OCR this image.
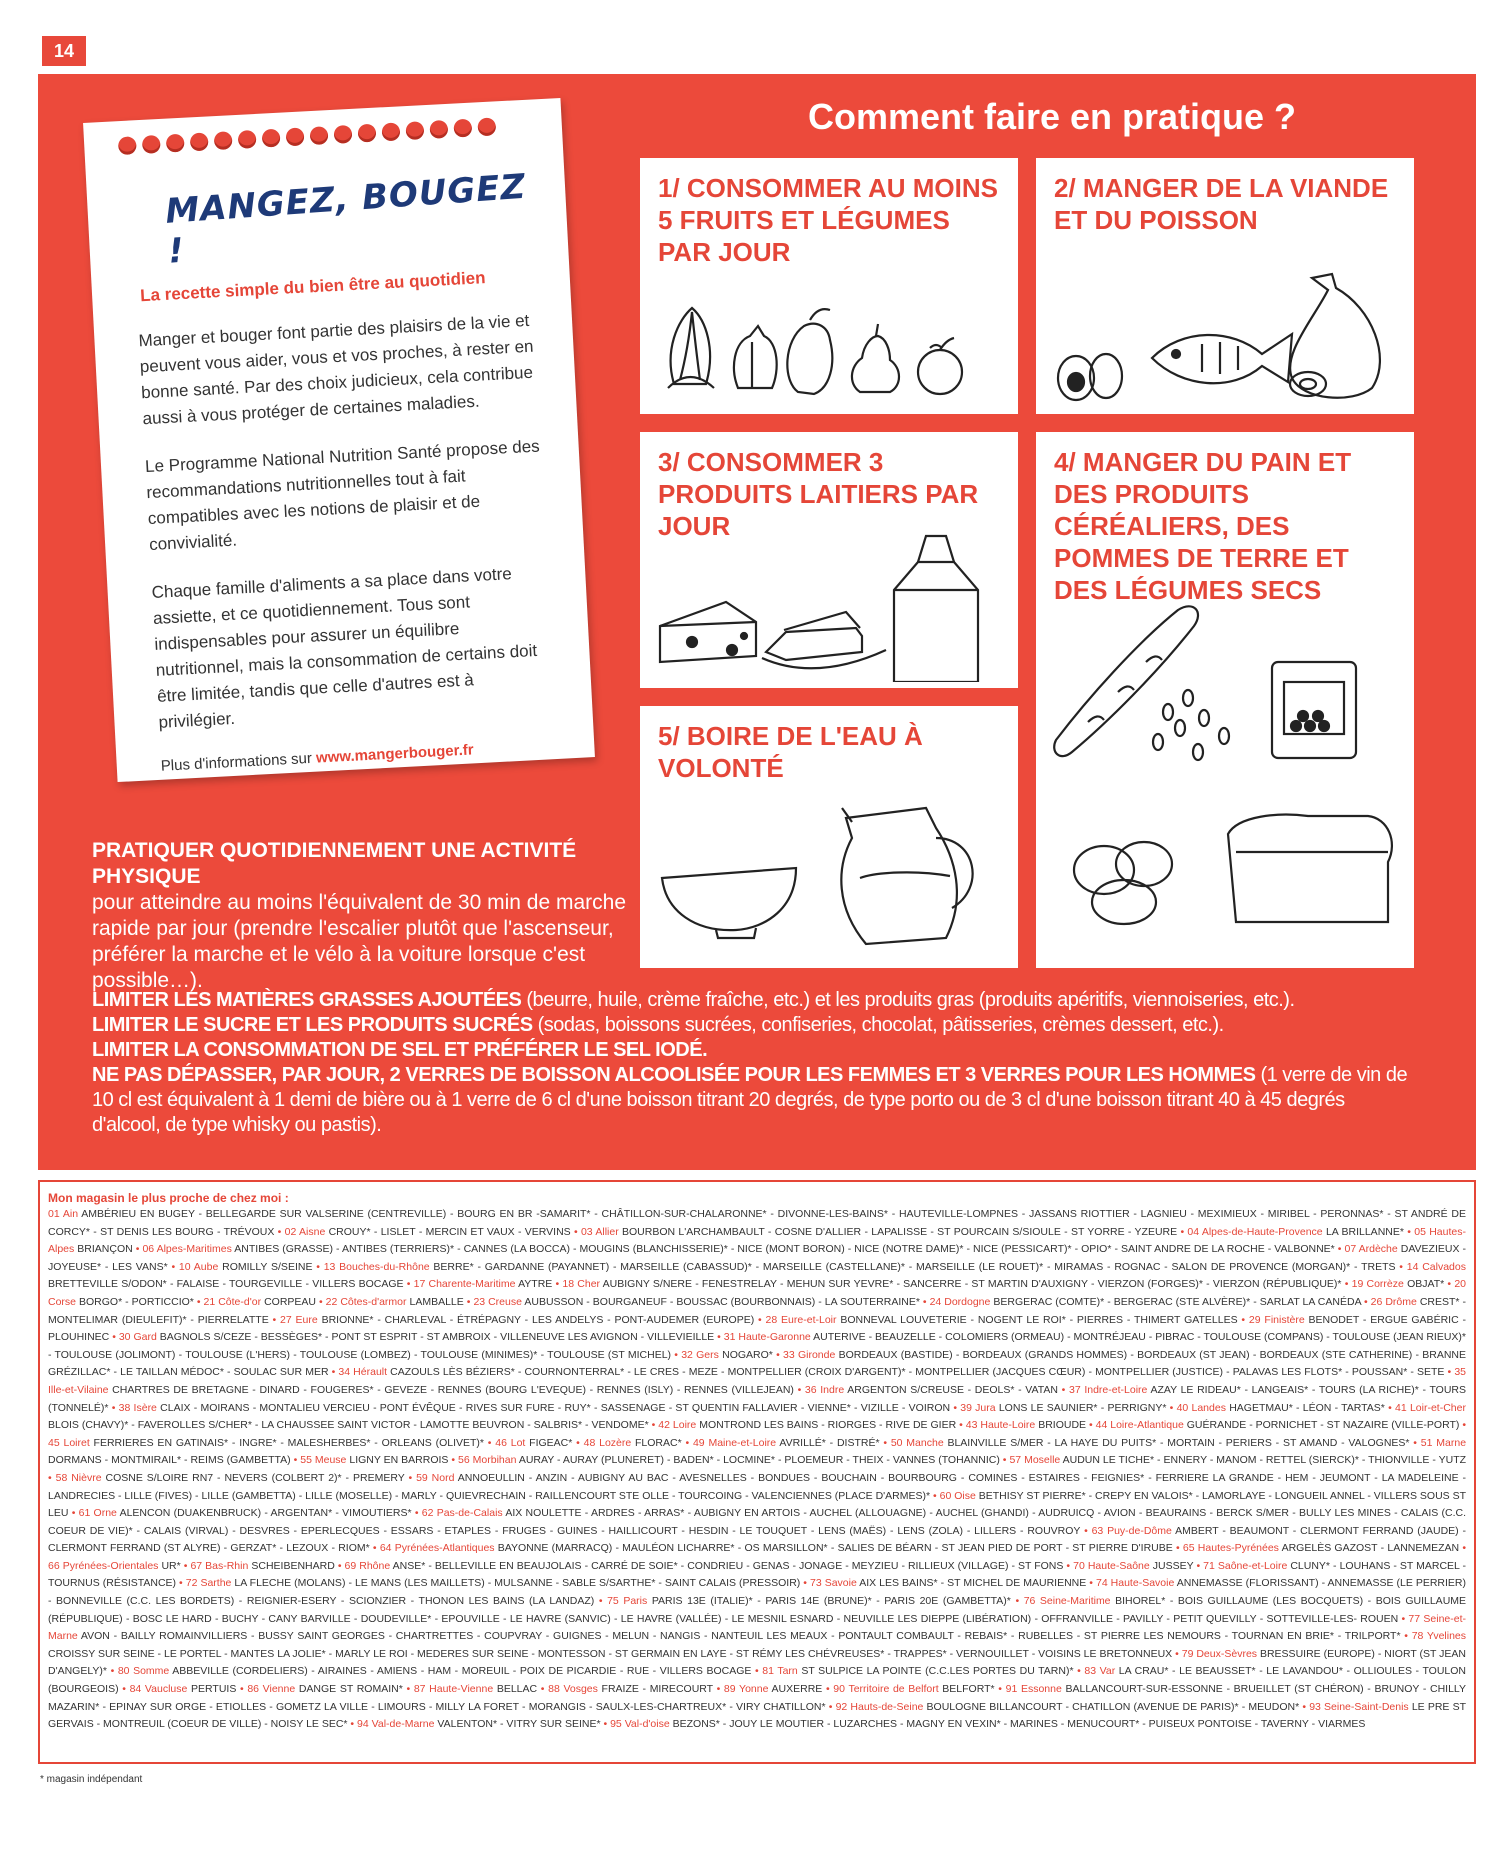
14
MANGEZ, BOUGEZ !
La recette simple du bien être au quotidien

Manger et bouger font partie des plaisirs de la vie et peuvent vous aider, vous et vos proches, à rester en bonne santé. Par des choix judicieux, cela contribue aussi à vous protéger de certaines maladies.

Le Programme National Nutrition Santé propose des recommandations nutritionnelles tout à fait compatibles avec les notions de plaisir et de convivialité.

Chaque famille d'aliments a sa place dans votre assiette, et ce quotidiennement. Tous sont indispensables pour assurer un équilibre nutritionnel, mais la consommation de certains doit être limitée, tandis que celle d'autres est à privilégier.

Plus d'informations sur www.mangerbouger.fr
Comment faire en pratique ?
1/ CONSOMMER AU MOINS 5 FRUITS ET LÉGUMES PAR JOUR
2/ MANGER DE LA VIANDE ET DU POISSON
3/ CONSOMMER 3 PRODUITS LAITIERS PAR JOUR
4/ MANGER DU PAIN ET DES PRODUITS CÉRÉALIERS, DES POMMES DE TERRE ET DES LÉGUMES SECS
5/ BOIRE DE L'EAU À VOLONTÉ
PRATIQUER QUOTIDIENNEMENT UNE ACTIVITÉ PHYSIQUE
pour atteindre au moins l'équivalent de 30 min de marche rapide par jour (prendre l'escalier plutôt que l'ascenseur, préférer la marche et le vélo à la voiture lorsque c'est possible…).
LIMITER LES MATIÈRES GRASSES AJOUTÉES (beurre, huile, crème fraîche, etc.) et les produits gras (produits apéritifs, viennoiseries, etc.).
LIMITER LE SUCRE ET LES PRODUITS SUCRÉS (sodas, boissons sucrées, confiseries, chocolat, pâtisseries, crèmes dessert, etc.).
LIMITER LA CONSOMMATION DE SEL ET PRÉFÉRER LE SEL IODÉ.
NE PAS DÉPASSER, PAR JOUR, 2 VERRES DE BOISSON ALCOOLISÉE POUR LES FEMMES ET 3 VERRES POUR LES HOMMES (1 verre de vin de 10 cl est équivalent à 1 demi de bière ou à 1 verre de 6 cl d'une boisson titrant 20 degrés, de type porto ou de 3 cl d'une boisson titrant 40 à 45 degrés d'alcool, de type whisky ou pastis).
Mon magasin le plus proche de chez moi :
01 Ain AMBÉRIEU EN BUGEY - BELLEGARDE SUR VALSERINE (CENTREVILLE) - BOURG EN BR -SAMARIT* - CHÂTILLON-SUR-CHALARONNE* - DIVONNE-LES-BAINS* - HAUTEVILLE-LOMPNES - JASSANS RIOTTIER - LAGNIEU - MEXIMIEUX - MIRIBEL - PERONNAS* - ST ANDRÉ DE CORCY* - ST DENIS LES BOURG - TRÉVOUX • 02 Aisne CROUY* - LISLET - MERCIN ET VAUX - VERVINS • 03 Allier BOURBON L'ARCHAMBAULT - COSNE D'ALLIER - LAPALISSE - ST POURCAIN S/SIOULE - ST YORRE - YZEURE • 04 Alpes-de-Haute-Provence LA BRILLANNE* • 05 Hautes-Alpes BRIANÇON • 06 Alpes-Maritimes ANTIBES (GRASSE) - ANTIBES (TERRIERS)* - CANNES (LA BOCCA) - MOUGINS (BLANCHISSERIE)* - NICE (MONT BORON) - NICE (NOTRE DAME)* - NICE (PESSICART)* - OPIO* - SAINT ANDRE DE LA ROCHE - VALBONNE* • 07 Ardèche DAVEZIEUX - JOYEUSE* - LES VANS* • 10 Aube ROMILLY S/SEINE • 13 Bouches-du-Rhône BERRE* - GARDANNE (PAYANNET) - MARSEILLE (CABASSUD)* - MARSEILLE (CASTELLANE)* - MARSEILLE (LE ROUET)* - MIRAMAS - ROGNAC - SALON DE PROVENCE (MORGAN)* - TRETS • 14 Calvados BRETTEVILLE S/ODON* - FALAISE - TOURGEVILLE - VILLERS BOCAGE • 17 Charente-Maritime AYTRE • 18 Cher AUBIGNY S/NERE - FENESTRELAY - MEHUN SUR YEVRE* - SANCERRE - ST MARTIN D'AUXIGNY - VIERZON (FORGES)* - VIERZON (RÉPUBLIQUE)* • 19 Corrèze OBJAT* • 20 Corse BORGO* - PORTICCIO* • 21 Côte-d'or CORPEAU • 22 Côtes-d'armor LAMBALLE • 23 Creuse AUBUSSON - BOURGANEUF - BOUSSAC (BOURBONNAIS) - LA SOUTERRAINE* • 24 Dordogne BERGERAC (COMTE)* - BERGERAC (STE ALVÈRE)* - SARLAT LA CANÉDA • 26 Drôme CREST* - MONTELIMAR (DIEULEFIT)* - PIERRELATTE • 27 Eure BRIONNE* - CHARLEVAL - ÉTRÉPAGNY - LES ANDELYS - PONT-AUDEMER (EUROPE) • 28 Eure-et-Loir BONNEVAL LOUVETERIE - NOGENT LE ROI* - PIERRES - THIMERT GATELLES • 29 Finistère BENODET - ERGUE GABÉRIC - PLOUHINEC • 30 Gard BAGNOLS S/CEZE - BESSÈGES* - PONT ST ESPRIT - ST AMBROIX - VILLENEUVE LES AVIGNON - VILLEVIEILLE • 31 Haute-Garonne AUTERIVE - BEAUZELLE - COLOMIERS (ORMEAU) - MONTRÉJEAU - PIBRAC - TOULOUSE (COMPANS) - TOULOUSE (JEAN RIEUX)* - TOULOUSE (JOLIMONT) - TOULOUSE (L'HERS) - TOULOUSE (LOMBEZ) - TOULOUSE (MINIMES)* - TOULOUSE (ST MICHEL) • 32 Gers NOGARO* • 33 Gironde BORDEAUX (BASTIDE) - BORDEAUX (GRANDS HOMMES) - BORDEAUX (ST JEAN) - BORDEAUX (STE CATHERINE) - BRANNE GRÉZILLAC* - LE TAILLAN MÉDOC* - SOULAC SUR MER • 34 Hérault CAZOULS LÈS BÉZIERS* - COURNONTERRAL* - LE CRES - MEZE - MONTPELLIER (CROIX D'ARGENT)* - MONTPELLIER (JACQUES CŒUR) - MONTPELLIER (JUSTICE) - PALAVAS LES FLOTS* - POUSSAN* - SETE • 35 Ille-et-Vilaine CHARTRES DE BRETAGNE - DINARD - FOUGERES* - GEVEZE - RENNES (BOURG L'EVEQUE) - RENNES (ISLY) - RENNES (VILLEJEAN) • 36 Indre ARGENTON S/CREUSE - DEOLS* - VATAN • 37 Indre-et-Loire AZAY LE RIDEAU* - LANGEAIS* - TOURS (LA RICHE)* - TOURS (TONNELÉ)* • 38 Isère CLAIX - MOIRANS - MONTALIEU VERCIEU - PONT ÉVÊQUE - RIVES SUR FURE - RUY* - SASSENAGE - ST QUENTIN FALLAVIER - VIENNE* - VIZILLE - VOIRON • 39 Jura LONS LE SAUNIER* - PERRIGNY* • 40 Landes HAGETMAU* - LÉON - TARTAS* • 41 Loir-et-Cher BLOIS (CHAVY)* - FAVEROLLES S/CHER* - LA CHAUSSEE SAINT VICTOR - LAMOTTE BEUVRON - SALBRIS* - VENDOME* • 42 Loire MONTROND LES BAINS - RIORGES - RIVE DE GIER • 43 Haute-Loire BRIOUDE • 44 Loire-Atlantique GUÉRANDE - PORNICHET - ST NAZAIRE (VILLE-PORT) • 45 Loiret FERRIERES EN GATINAIS* - INGRE* - MALESHERBES* - ORLEANS (OLIVET)* • 46 Lot FIGEAC* • 48 Lozère FLORAC* • 49 Maine-et-Loire AVRILLÉ* - DISTRÉ* • 50 Manche BLAINVILLE S/MER - LA HAYE DU PUITS* - MORTAIN - PERIERS - ST AMAND - VALOGNES* • 51 Marne DORMANS - MONTMIRAIL* - REIMS (GAMBETTA) • 55 Meuse LIGNY EN BARROIS • 56 Morbihan AURAY - AURAY (PLUNERET) - BADEN* - LOCMINE* - PLOEMEUR - THEIX - VANNES (TOHANNIC) • 57 Moselle AUDUN LE TICHE* - ENNERY - MANOM - RETTEL (SIERCK)* - THIONVILLE - YUTZ • 58 Nièvre COSNE S/LOIRE RN7 - NEVERS (COLBERT 2)* - PREMERY • 59 Nord ANNOEULLIN - ANZIN - AUBIGNY AU BAC - AVESNELLES - BONDUES - BOUCHAIN - BOURBOURG - COMINES - ESTAIRES - FEIGNIES* - FERRIERE LA GRANDE - HEM - JEUMONT - LA MADELEINE - LANDRECIES - LILLE (FIVES) - LILLE (GAMBETTA) - LILLE (MOSELLE) - MARLY - QUIEVRECHAIN - RAILLENCOURT STE OLLE - TOURCOING - VALENCIENNES (PLACE D'ARMES)* • 60 Oise BETHISY ST PIERRE* - CREPY EN VALOIS* - LAMORLAYE - LONGUEIL ANNEL - VILLERS SOUS ST LEU • 61 Orne ALENCON (DUAKENBRUCK) - ARGENTAN* - VIMOUTIERS* • 62 Pas-de-Calais AIX NOULETTE - ARDRES - ARRAS* - AUBIGNY EN ARTOIS - AUCHEL (ALLOUAGNE) - AUCHEL (GHANDI) - AUDRUICQ - AVION - BEAURAINS - BERCK S/MER - BULLY LES MINES - CALAIS (C.C. COEUR DE VIE)* - CALAIS (VIRVAL) - DESVRES - EPERLECQUES - ESSARS - ETAPLES - FRUGES - GUINES - HAILLICOURT - HESDIN - LE TOUQUET - LENS (MAËS) - LENS (ZOLA) - LILLERS - ROUVROY • 63 Puy-de-Dôme AMBERT - BEAUMONT - CLERMONT FERRAND (JAUDE) - CLERMONT FERRAND (ST ALYRE) - GERZAT* - LEZOUX - RIOM* • 64 Pyrénées-Atlantiques BAYONNE (MARRACQ) - MAULÉON LICHARRE* - OS MARSILLON* - SALIES DE BÉARN - ST JEAN PIED DE PORT - ST PIERRE D'IRUBE • 65 Hautes-Pyrénées ARGELÈS GAZOST - LANNEMEZAN • 66 Pyrénées-Orientales UR* • 67 Bas-Rhin SCHEIBENHARD • 69 Rhône ANSE* - BELLEVILLE EN BEAUJOLAIS - CARRÉ DE SOIE* - CONDRIEU - GENAS - JONAGE - MEYZIEU - RILLIEUX (VILLAGE) - ST FONS • 70 Haute-Saône JUSSEY • 71 Saône-et-Loire CLUNY* - LOUHANS - ST MARCEL - TOURNUS (RÉSISTANCE) • 72 Sarthe LA FLECHE (MOLANS) - LE MANS (LES MAILLETS) - MULSANNE - SABLE S/SARTHE* - SAINT CALAIS (PRESSOIR) • 73 Savoie AIX LES BAINS* - ST MICHEL DE MAURIENNE • 74 Haute-Savoie ANNEMASSE (FLORISSANT) - ANNEMASSE (LE PERRIER) - BONNEVILLE (C.C. LES BORDETS) - REIGNIER-ESERY - SCIONZIER - THONON LES BAINS (LA LANDAZ) • 75 Paris PARIS 13E (ITALIE)* - PARIS 14E (BRUNE)* - PARIS 20E (GAMBETTA)* • 76 Seine-Maritime BIHOREL* - BOIS GUILLAUME (LES BOCQUETS) - BOIS GUILLAUME (RÉPUBLIQUE) - BOSC LE HARD - BUCHY - CANY BARVILLE - DOUDEVILLE* - EPOUVILLE - LE HAVRE (SANVIC) - LE HAVRE (VALLÉE) - LE MESNIL ESNARD - NEUVILLE LES DIEPPE (LIBÉRATION) - OFFRANVILLE - PAVILLY - PETIT QUEVILLY - SOTTEVILLE-LES- ROUEN • 77 Seine-et-Marne AVON - BAILLY ROMAINVILLIERS - BUSSY SAINT GEORGES - CHARTRETTES - COUPVRAY - GUIGNES - MELUN - NANGIS - NANTEUIL LES MEAUX - PONTAULT COMBAULT - REBAIS* - RUBELLES - ST PIERRE LES NEMOURS - TOURNAN EN BRIE* - TRILPORT* • 78 Yvelines CROISSY SUR SEINE - LE PORTEL - MANTES LA JOLIE* - MARLY LE ROI - MEDERES SUR SEINE - MONTESSON - ST GERMAIN EN LAYE - ST RÉMY LES CHÉVREUSES* - TRAPPES* - VERNOUILLET - VOISINS LE BRETONNEUX • 79 Deux-Sèvres BRESSUIRE (EUROPE) - NIORT (ST JEAN D'ANGELY)* • 80 Somme ABBEVILLE (CORDELIERS) - AIRAINES - AMIENS - HAM - MOREUIL - POIX DE PICARDIE - RUE - VILLERS BOCAGE • 81 Tarn ST SULPICE LA POINTE (C.C.LES PORTES DU TARN)* • 83 Var LA CRAU* - LE BEAUSSET* - LE LAVANDOU* - OLLIOULES - TOULON (BOURGEOIS) • 84 Vaucluse PERTUIS • 86 Vienne DANGE ST ROMAIN* • 87 Haute-Vienne BELLAC • 88 Vosges FRAIZE - MIRECOURT • 89 Yonne AUXERRE • 90 Territoire de Belfort BELFORT* • 91 Essonne BALLANCOURT-SUR-ESSONNE - BRUEILLET (ST CHÉRON) - BRUNOY - CHILLY MAZARIN* - EPINAY SUR ORGE - ETIOLLES - GOMETZ LA VILLE - LIMOURS - MILLY LA FORET - MORANGIS - SAULX-LES-CHARTREUX* - VIRY CHATILLON* • 92 Hauts-de-Seine BOULOGNE BILLANCOURT - CHATILLON (AVENUE DE PARIS)* - MEUDON* • 93 Seine-Saint-Denis LE PRE ST GERVAIS - MONTREUIL (COEUR DE VILLE) - NOISY LE SEC* • 94 Val-de-Marne VALENTON* - VITRY SUR SEINE* • 95 Val-d'oise BEZONS* - JOUY LE MOUTIER - LUZARCHES - MAGNY EN VEXIN* - MARINES - MENUCOURT* - PUISEUX PONTOISE - TAVERNY - VIARMES
* magasin indépendant
